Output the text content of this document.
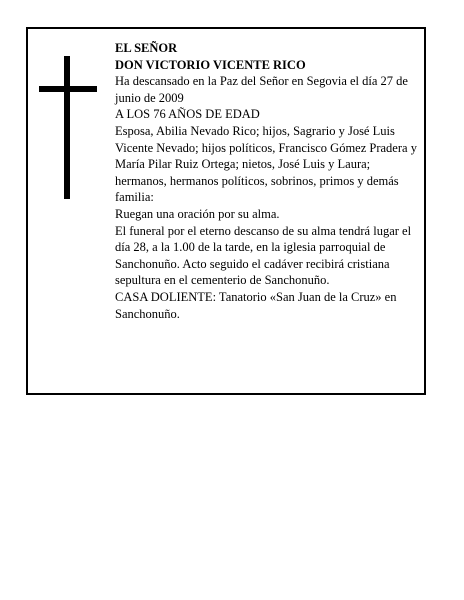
EL SEÑOR

DON VICTORIO VICENTE RICO

Ha descansado en la Paz del Señor en Segovia el día 27 de junio de 2009

A LOS 76 AÑOS DE EDAD

Esposa, Abilia Nevado Rico; hijos, Sagrario y José Luis Vicente Nevado; hijos políticos, Francisco Gómez Pradera y María Pilar Ruiz Ortega; nietos, José Luis y Laura; hermanos, hermanos políticos, sobrinos, primos y demás familia:

Ruegan una oración por su alma.

El funeral por el eterno descanso de su alma tendrá lugar el día 28, a la 1.00 de la tarde, en la iglesia parroquial de Sanchonuño. Acto seguido el cadáver recibirá cristiana sepultura en el cementerio de Sanchonuño.

CASA DOLIENTE: Tanatorio «San Juan de la Cruz» en Sanchonuño.
